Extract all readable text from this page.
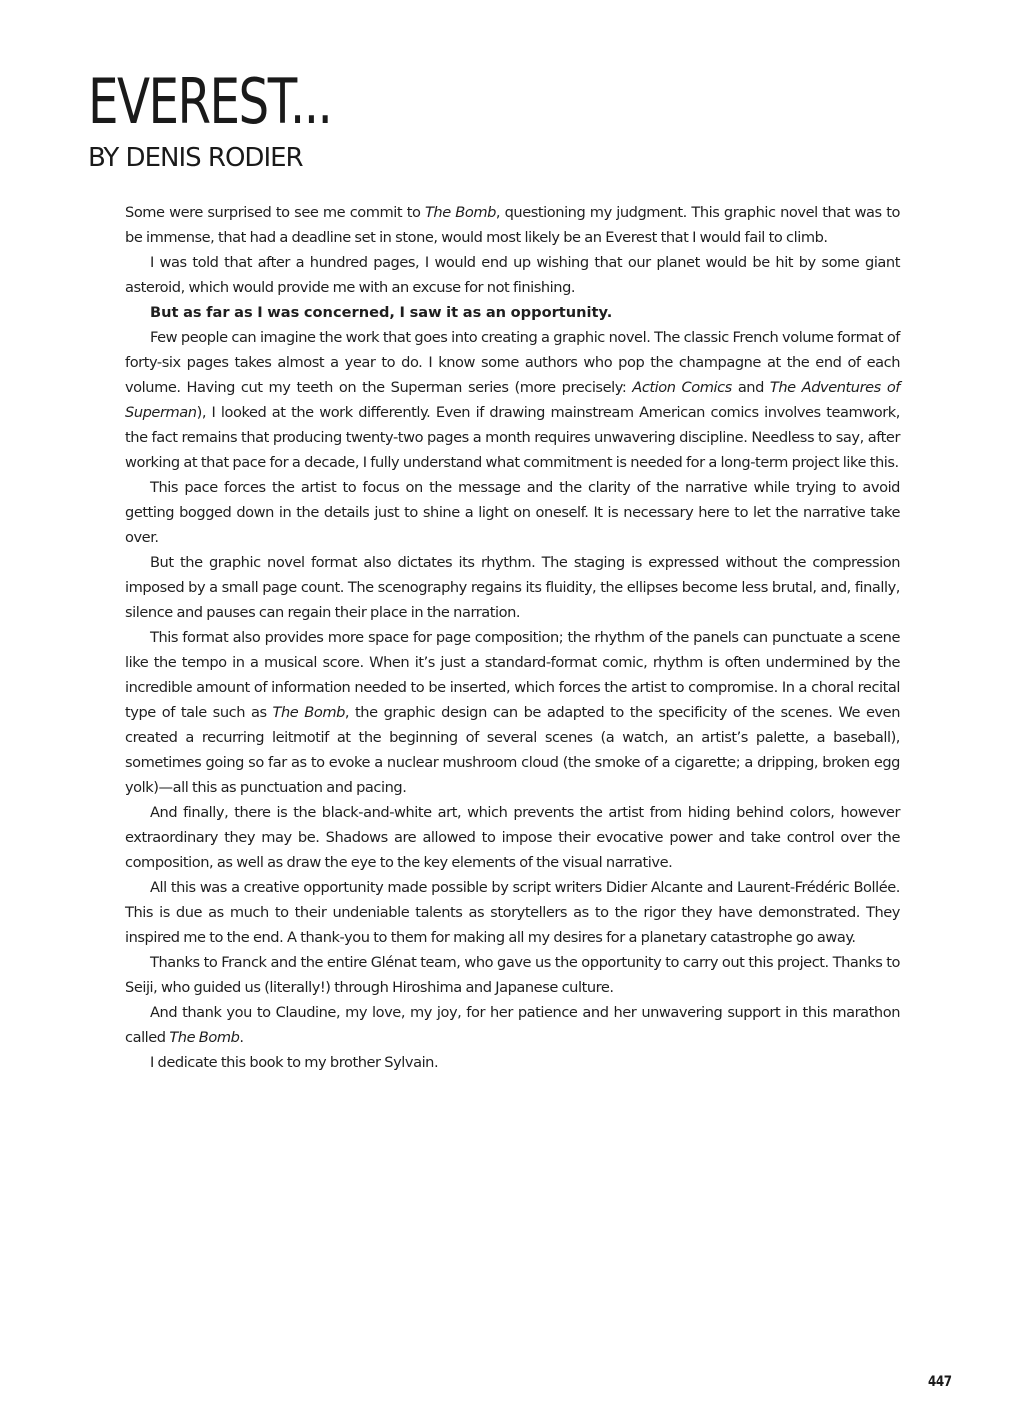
EVEREST...
BY DENIS RODIER

Some were surprised to see me commit to The Bomb, questioning my judgment. This graphic novel that was to be immense, that had a deadline set in stone, would most likely be an Everest that I would fail to climb.

I was told that after a hundred pages, I would end up wishing that our planet would be hit by some giant asteroid, which would provide me with an excuse for not finishing.

But as far as I was concerned, I saw it as an opportunity.

Few people can imagine the work that goes into creating a graphic novel. The classic French volume format of forty-six pages takes almost a year to do. I know some authors who pop the champagne at the end of each volume. Having cut my teeth on the Superman series (more precisely: Action Comics and The Adventures of Superman), I looked at the work differently. Even if drawing mainstream American comics involves teamwork, the fact remains that producing twenty-two pages a month requires unwavering discipline. Needless to say, after working at that pace for a decade, I fully understand what commitment is needed for a long-term project like this.

This pace forces the artist to focus on the message and the clarity of the narrative while trying to avoid getting bogged down in the details just to shine a light on oneself. It is necessary here to let the narrative take over.

But the graphic novel format also dictates its rhythm. The staging is expressed without the compression imposed by a small page count. The scenography regains its fluidity, the ellipses become less brutal, and, finally, silence and pauses can regain their place in the narration.

This format also provides more space for page composition; the rhythm of the panels can punctuate a scene like the tempo in a musical score. When it’s just a standard-format comic, rhythm is often undermined by the incredible amount of information needed to be inserted, which forces the artist to compromise. In a choral recital type of tale such as The Bomb, the graphic design can be adapted to the specificity of the scenes. We even created a recurring leitmotif at the beginning of several scenes (a watch, an artist’s palette, a baseball), sometimes going so far as to evoke a nuclear mushroom cloud (the smoke of a cigarette; a dripping, broken egg yolk)—all this as punctuation and pacing.

And finally, there is the black-and-white art, which prevents the artist from hiding behind colors, however extraordinary they may be. Shadows are allowed to impose their evocative power and take control over the composition, as well as draw the eye to the key elements of the visual narrative.

All this was a creative opportunity made possible by script writers Didier Alcante and Laurent-Frédéric Bollée. This is due as much to their undeniable talents as storytellers as to the rigor they have demonstrated. They inspired me to the end. A thank-you to them for making all my desires for a planetary catastrophe go away.

Thanks to Franck and the entire Glénat team, who gave us the opportunity to carry out this project. Thanks to Seiji, who guided us (literally!) through Hiroshima and Japanese culture.

And thank you to Claudine, my love, my joy, for her patience and her unwavering support in this marathon called The Bomb.

I dedicate this book to my brother Sylvain.

447
